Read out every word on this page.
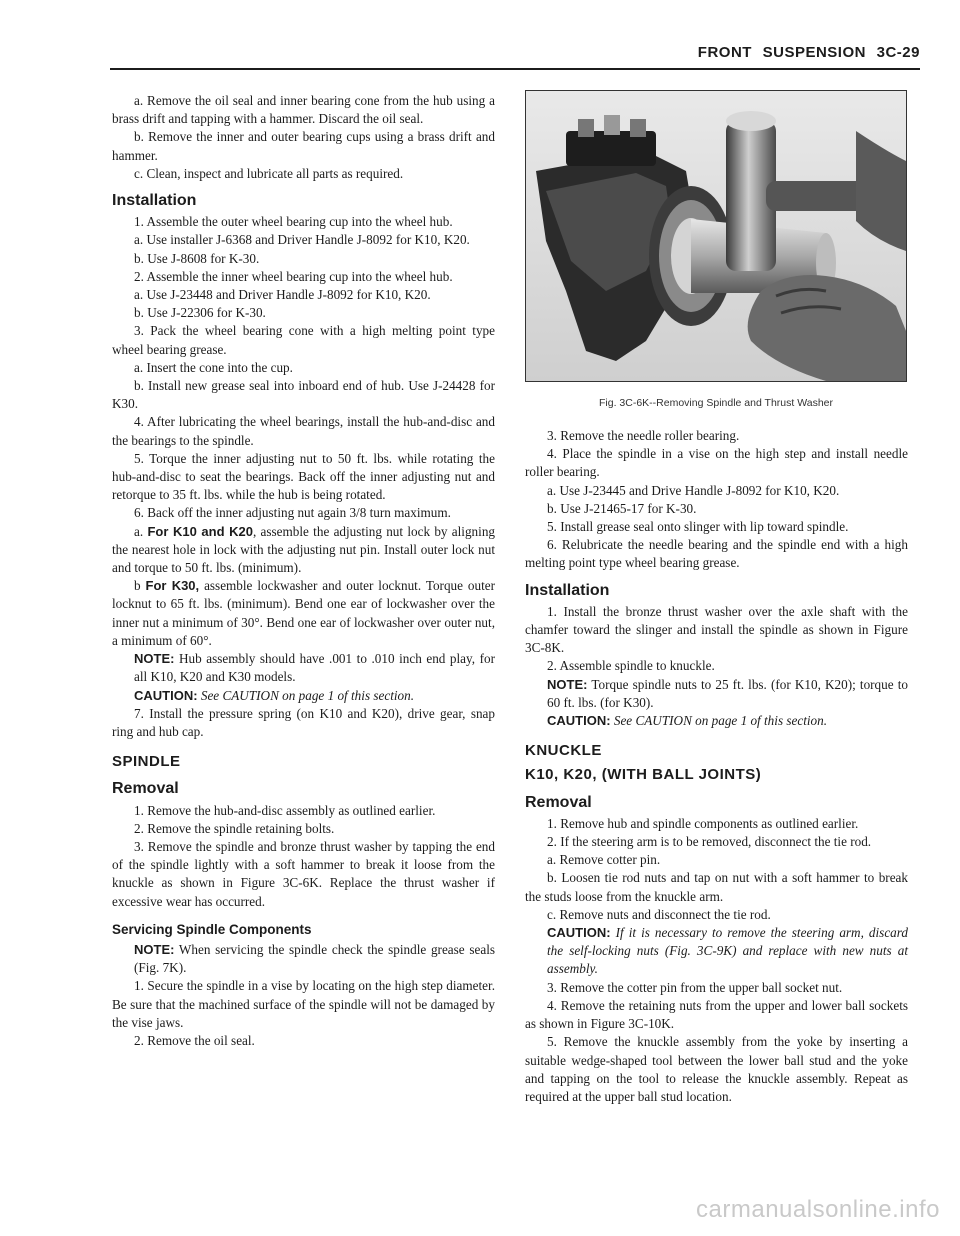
FRONT SUSPENSION 3C-29

a. Remove the oil seal and inner bearing cone from the hub using a brass drift and tapping with a hammer. Discard the oil seal.

b. Remove the inner and outer bearing cups using a brass drift and hammer.

c. Clean, inspect and lubricate all parts as required.

Installation

1. Assemble the outer wheel bearing cup into the wheel hub.

a. Use installer J-6368 and Driver Handle J-8092 for K10, K20.

b. Use J-8608 for K-30.

2. Assemble the inner wheel bearing cup into the wheel hub.

a. Use J-23448 and Driver Handle J-8092 for K10, K20.

b. Use J-22306 for K-30.

3. Pack the wheel bearing cone with a high melting point type wheel bearing grease.

a. Insert the cone into the cup.

b. Install new grease seal into inboard end of hub. Use J-24428 for K30.

4. After lubricating the wheel bearings, install the hub-and-disc and the bearings to the spindle.

5. Torque the inner adjusting nut to 50 ft. lbs. while rotating the hub-and-disc to seat the bearings. Back off the inner adjusting nut and retorque to 35 ft. lbs. while the hub is being rotated.

6. Back off the inner adjusting nut again 3/8 turn maximum.

a. For K10 and K20, assemble the adjusting nut lock by aligning the nearest hole in lock with the adjusting nut pin. Install outer lock nut and torque to 50 ft. lbs. (minimum).

b For K30, assemble lockwasher and outer locknut. Torque outer locknut to 65 ft. lbs. (minimum). Bend one ear of lockwasher over the inner nut a minimum of 30°. Bend one ear of lockwasher over outer nut, a minimum of 60°.

NOTE: Hub assembly should have .001 to .010 inch end play, for all K10, K20 and K30 models.

CAUTION: See CAUTION on page 1 of this section.

7. Install the pressure spring (on K10 and K20), drive gear, snap ring and hub cap.

SPINDLE
Removal

1. Remove the hub-and-disc assembly as outlined earlier.

2. Remove the spindle retaining bolts.

3. Remove the spindle and bronze thrust washer by tapping the end of the spindle lightly with a soft hammer to break it loose from the knuckle as shown in Figure 3C-6K. Replace the thrust washer if excessive wear has occurred.

Servicing Spindle Components

NOTE: When servicing the spindle check the spindle grease seals (Fig. 7K).

1. Secure the spindle in a vise by locating on the high step diameter. Be sure that the machined surface of the spindle will not be damaged by the vise jaws.

2. Remove the oil seal.

Fig. 3C-6K--Removing Spindle and Thrust Washer

3. Remove the needle roller bearing.

4. Place the spindle in a vise on the high step and install needle roller bearing.

a. Use J-23445 and Drive Handle J-8092 for K10, K20.

b. Use J-21465-17 for K-30.

5. Install grease seal onto slinger with lip toward spindle.

6. Relubricate the needle bearing and the spindle end with a high melting point type wheel bearing grease.

Installation

1. Install the bronze thrust washer over the axle shaft with the chamfer toward the slinger and install the spindle as shown in Figure 3C-8K.

2. Assemble spindle to knuckle.

NOTE: Torque spindle nuts to 25 ft. lbs. (for K10, K20); torque to 60 ft. lbs. (for K30).

CAUTION: See CAUTION on page 1 of this section.

KNUCKLE
K10, K20, (WITH BALL JOINTS)
Removal

1. Remove hub and spindle components as outlined earlier.

2. If the steering arm is to be removed, disconnect the tie rod.

a. Remove cotter pin.

b. Loosen tie rod nuts and tap on nut with a soft hammer to break the studs loose from the knuckle arm.

c. Remove nuts and disconnect the tie rod.

CAUTION: If it is necessary to remove the steering arm, discard the self-locking nuts (Fig. 3C-9K) and replace with new nuts at assembly.

3. Remove the cotter pin from the upper ball socket nut.

4. Remove the retaining nuts from the upper and lower ball sockets as shown in Figure 3C-10K.

5. Remove the knuckle assembly from the yoke by inserting a suitable wedge-shaped tool between the lower ball stud and the yoke and tapping on the tool to release the knuckle assembly. Repeat as required at the upper ball stud location.

carmanualsonline.info
